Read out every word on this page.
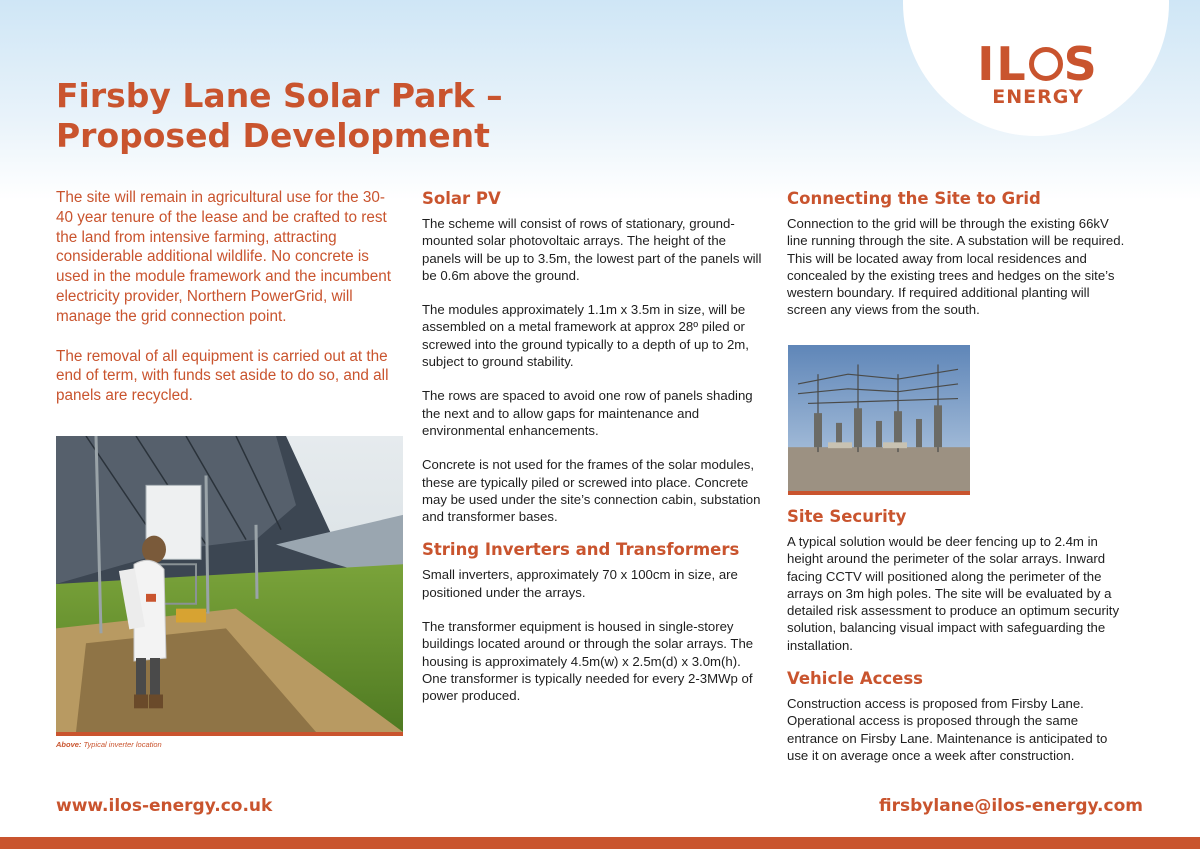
IL S
ENERGY
Firsby Lane Solar Park –
Proposed Development

The site will remain in agricultural use for the 30-40 year tenure of the lease and be crafted to rest the land from intensive farming, attracting considerable additional wildlife. No concrete is used in the module framework and the incumbent electricity provider, Northern PowerGrid, will manage the grid connection point.

The removal of all equipment is carried out at the end of term, with funds set aside to do so, and all panels are recycled.

Above: Typical inverter location
Solar PV

The scheme will consist of rows of stationary, ground-mounted solar photovoltaic arrays. The height of the panels will be up to 3.5m, the lowest part of the panels will be 0.6m above the ground.

The modules approximately 1.1m x 3.5m in size, will be assembled on a metal framework at approx 28º piled or screwed into the ground typically to a depth of up to 2m, subject to ground stability.

The rows are spaced to avoid one row of panels shading the next and to allow gaps for maintenance and environmental enhancements.

Concrete is not used for the frames of the solar modules, these are typically piled or screwed into place. Concrete may be used under the site’s connection cabin, substation and transformer bases.

String Inverters and Transformers

Small inverters, approximately 70 x 100cm in size, are positioned under the arrays.

The transformer equipment is housed in single-storey buildings located around or through the solar arrays. The housing is approximately 4.5m(w) x 2.5m(d) x 3.0m(h). One transformer is typically needed for every 2-3MWp of power produced.

Connecting the Site to Grid

Connection to the grid will be through the existing 66kV line running through the site. A substation will be required. This will be located away from local residences and concealed by the existing trees and hedges on the site’s western boundary. If required additional planting will screen any views from the south.

Site Security

A typical solution would be deer fencing up to 2.4m in height around the perimeter of the solar arrays. Inward facing CCTV will positioned along the perimeter of the arrays on 3m high poles. The site will be evaluated by a detailed risk assessment to produce an optimum security solution, balancing visual impact with safeguarding the installation.

Vehicle Access

Construction access is proposed from Firsby Lane. Operational access is proposed through the same entrance on Firsby Lane. Maintenance is anticipated to use it on average once a week after construction.

www.ilos-energy.co.uk	firsbylane@ilos-energy.com
